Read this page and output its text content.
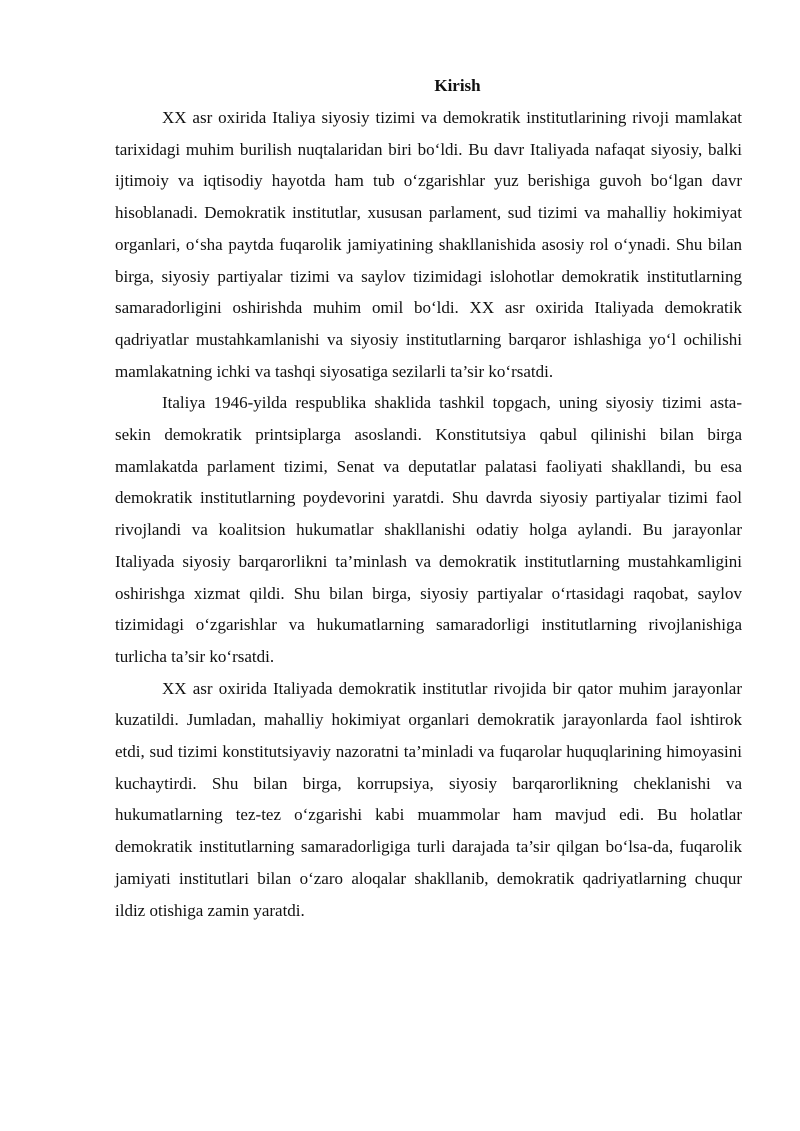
Kirish

XX asr oxirida Italiya siyosiy tizimi va demokratik institutlarining rivoji mamlakat tarixidagi muhim burilish nuqtalaridan biri bo‘ldi. Bu davr Italiyada nafaqat siyosiy, balki ijtimoiy va iqtisodiy hayotda ham tub o‘zgarishlar yuz berishiga guvoh bo‘lgan davr hisoblanadi. Demokratik institutlar, xususan parlament, sud tizimi va mahalliy hokimiyat organlari, o‘sha paytda fuqarolik jamiyatining shakllanishida asosiy rol o‘ynadi. Shu bilan birga, siyosiy partiyalar tizimi va saylov tizimidagi islohotlar demokratik institutlarning samaradorligini oshirishda muhim omil bo‘ldi. XX asr oxirida Italiyada demokratik qadriyatlar mustahkamlanishi va siyosiy institutlarning barqaror ishlashiga yo‘l ochilishi mamlakatning ichki va tashqi siyosatiga sezilarli ta’sir ko‘rsatdi.

Italiya 1946-yilda respublika shaklida tashkil topgach, uning siyosiy tizimi asta-sekin demokratik printsiplarga asoslandi. Konstitutsiya qabul qilinishi bilan birga mamlakatda parlament tizimi, Senat va deputatlar palatasi faoliyati shakllandi, bu esa demokratik institutlarning poydevorini yaratdi. Shu davrda siyosiy partiyalar tizimi faol rivojlandi va koalitsion hukumatlar shakllanishi odatiy holga aylandi. Bu jarayonlar Italiyada siyosiy barqarorlikni ta’minlash va demokratik institutlarning mustahkamligini oshirishga xizmat qildi. Shu bilan birga, siyosiy partiyalar o‘rtasidagi raqobat, saylov tizimidagi o‘zgarishlar va hukumatlarning samaradorligi institutlarning rivojlanishiga turlicha ta’sir ko‘rsatdi.

XX asr oxirida Italiyada demokratik institutlar rivojida bir qator muhim jarayonlar kuzatildi. Jumladan, mahalliy hokimiyat organlari demokratik jarayonlarda faol ishtirok etdi, sud tizimi konstitutsiyaviy nazoratni ta’minladi va fuqarolar huquqlarining himoyasini kuchaytirdi. Shu bilan birga, korrupsiya, siyosiy barqarorlikning cheklanishi va hukumatlarning tez-tez o‘zgarishi kabi muammolar ham mavjud edi. Bu holatlar demokratik institutlarning samaradorligiga turli darajada ta’sir qilgan bo‘lsa-da, fuqarolik jamiyati institutlari bilan o‘zaro aloqalar shakllanib, demokratik qadriyatlarning chuqur ildiz otishiga zamin yaratdi.
